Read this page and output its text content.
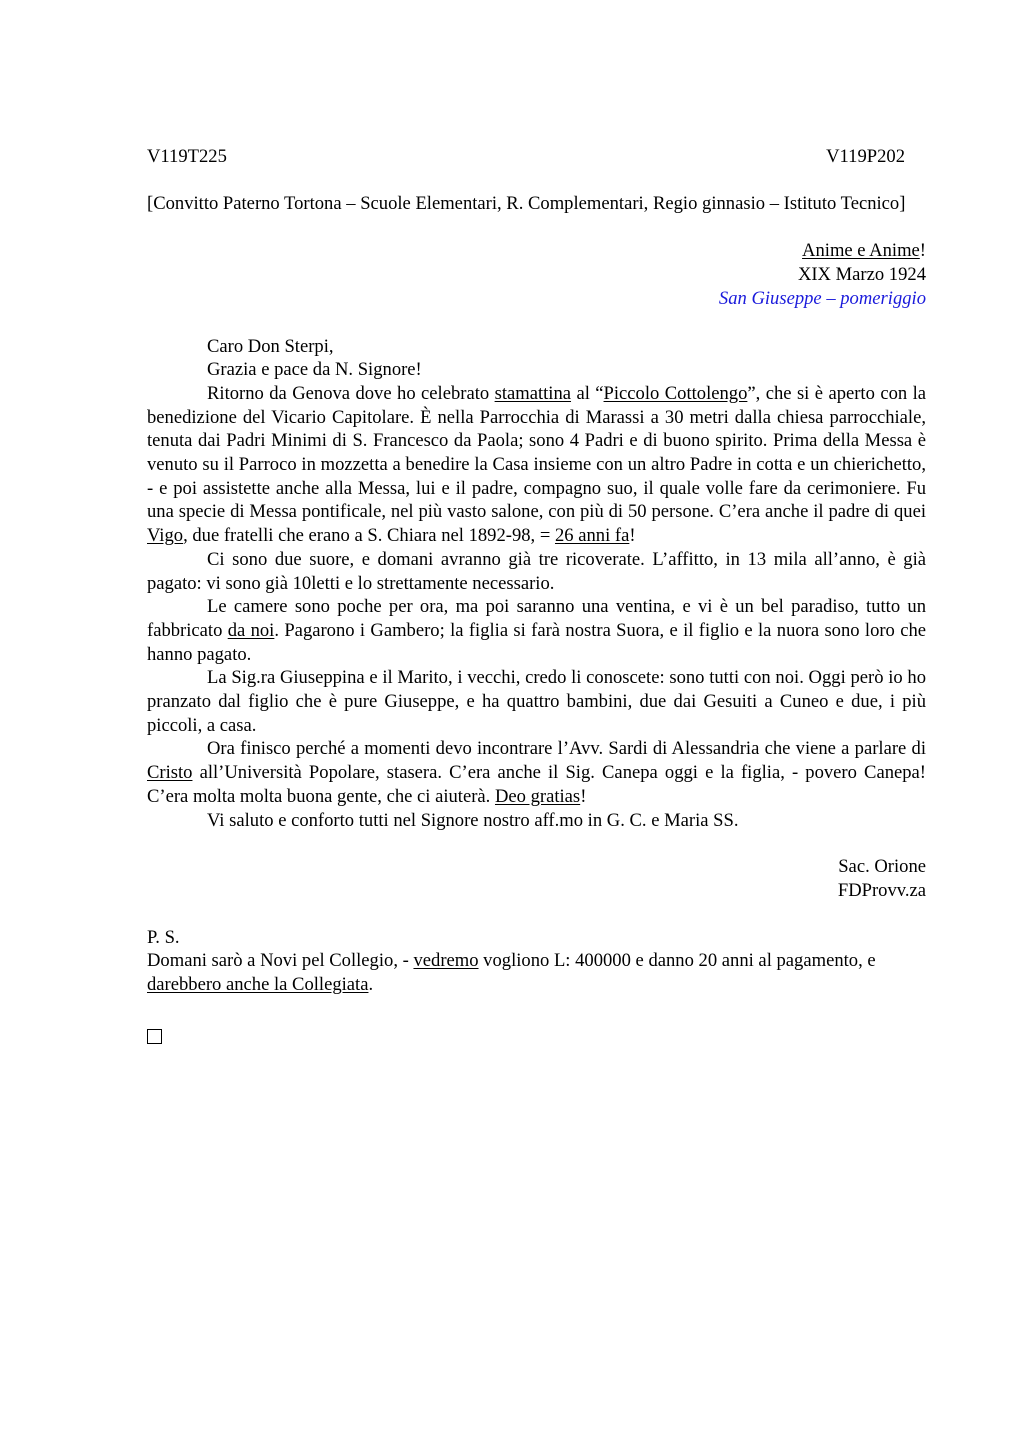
V119T225	V119P202
[Convitto Paterno Tortona – Scuole Elementari, R. Complementari, Regio ginnasio – Istituto Tecnico]
Anime e Anime!
XIX Marzo 1924
San Giuseppe – pomeriggio

Caro Don Sterpi,

Grazia e pace da N. Signore!

Ritorno da Genova dove ho celebrato stamattina al “Piccolo Cottolengo”, che si è aperto con la benedizione del Vicario Capitolare. È nella Parrocchia di Marassi a 30 metri dalla chiesa parrocchiale, tenuta dai Padri Minimi di S. Francesco da Paola; sono 4 Padri e di buono spirito. Prima della Messa è venuto su il Parroco in mozzetta a benedire la Casa insieme con un altro Padre in cotta e un chierichetto, - e poi assistette anche alla Messa, lui e il padre, compagno suo, il quale volle fare da cerimoniere. Fu una specie di Messa pontificale, nel più vasto salone, con più di 50 persone. C’era anche il padre di quei Vigo, due fratelli che erano a S. Chiara nel 1892-98, = 26 anni fa!

Ci sono due suore, e domani avranno già tre ricoverate. L’affitto, in 13 mila all’anno, è già pagato: vi sono già 10letti e lo strettamente necessario.

Le camere sono poche per ora, ma poi saranno una ventina, e vi è un bel paradiso, tutto un fabbricato da noi. Pagarono i Gambero; la figlia si farà nostra Suora, e il figlio e la nuora sono loro che hanno pagato.

La Sig.ra Giuseppina e il Marito, i vecchi, credo li conoscete: sono tutti con noi. Oggi però io ho pranzato dal figlio che è pure Giuseppe, e ha quattro bambini, due dai Gesuiti a Cuneo e due, i più piccoli, a casa.

Ora finisco perché a momenti devo incontrare l’Avv. Sardi di Alessandria che viene a parlare di Cristo all’Università Popolare, stasera. C’era anche il Sig. Canepa oggi e la figlia, - povero Canepa! C’era molta molta buona gente, che ci aiuterà. Deo gratias!

Vi saluto e conforto tutti nel Signore nostro aff.mo in G. C. e Maria SS.

Sac. Orione
FDProvv.za
P. S.
Domani sarò a Novi pel Collegio, - vedremo vogliono L: 400000 e danno 20 anni al pagamento, e darebbero anche la Collegiata.
